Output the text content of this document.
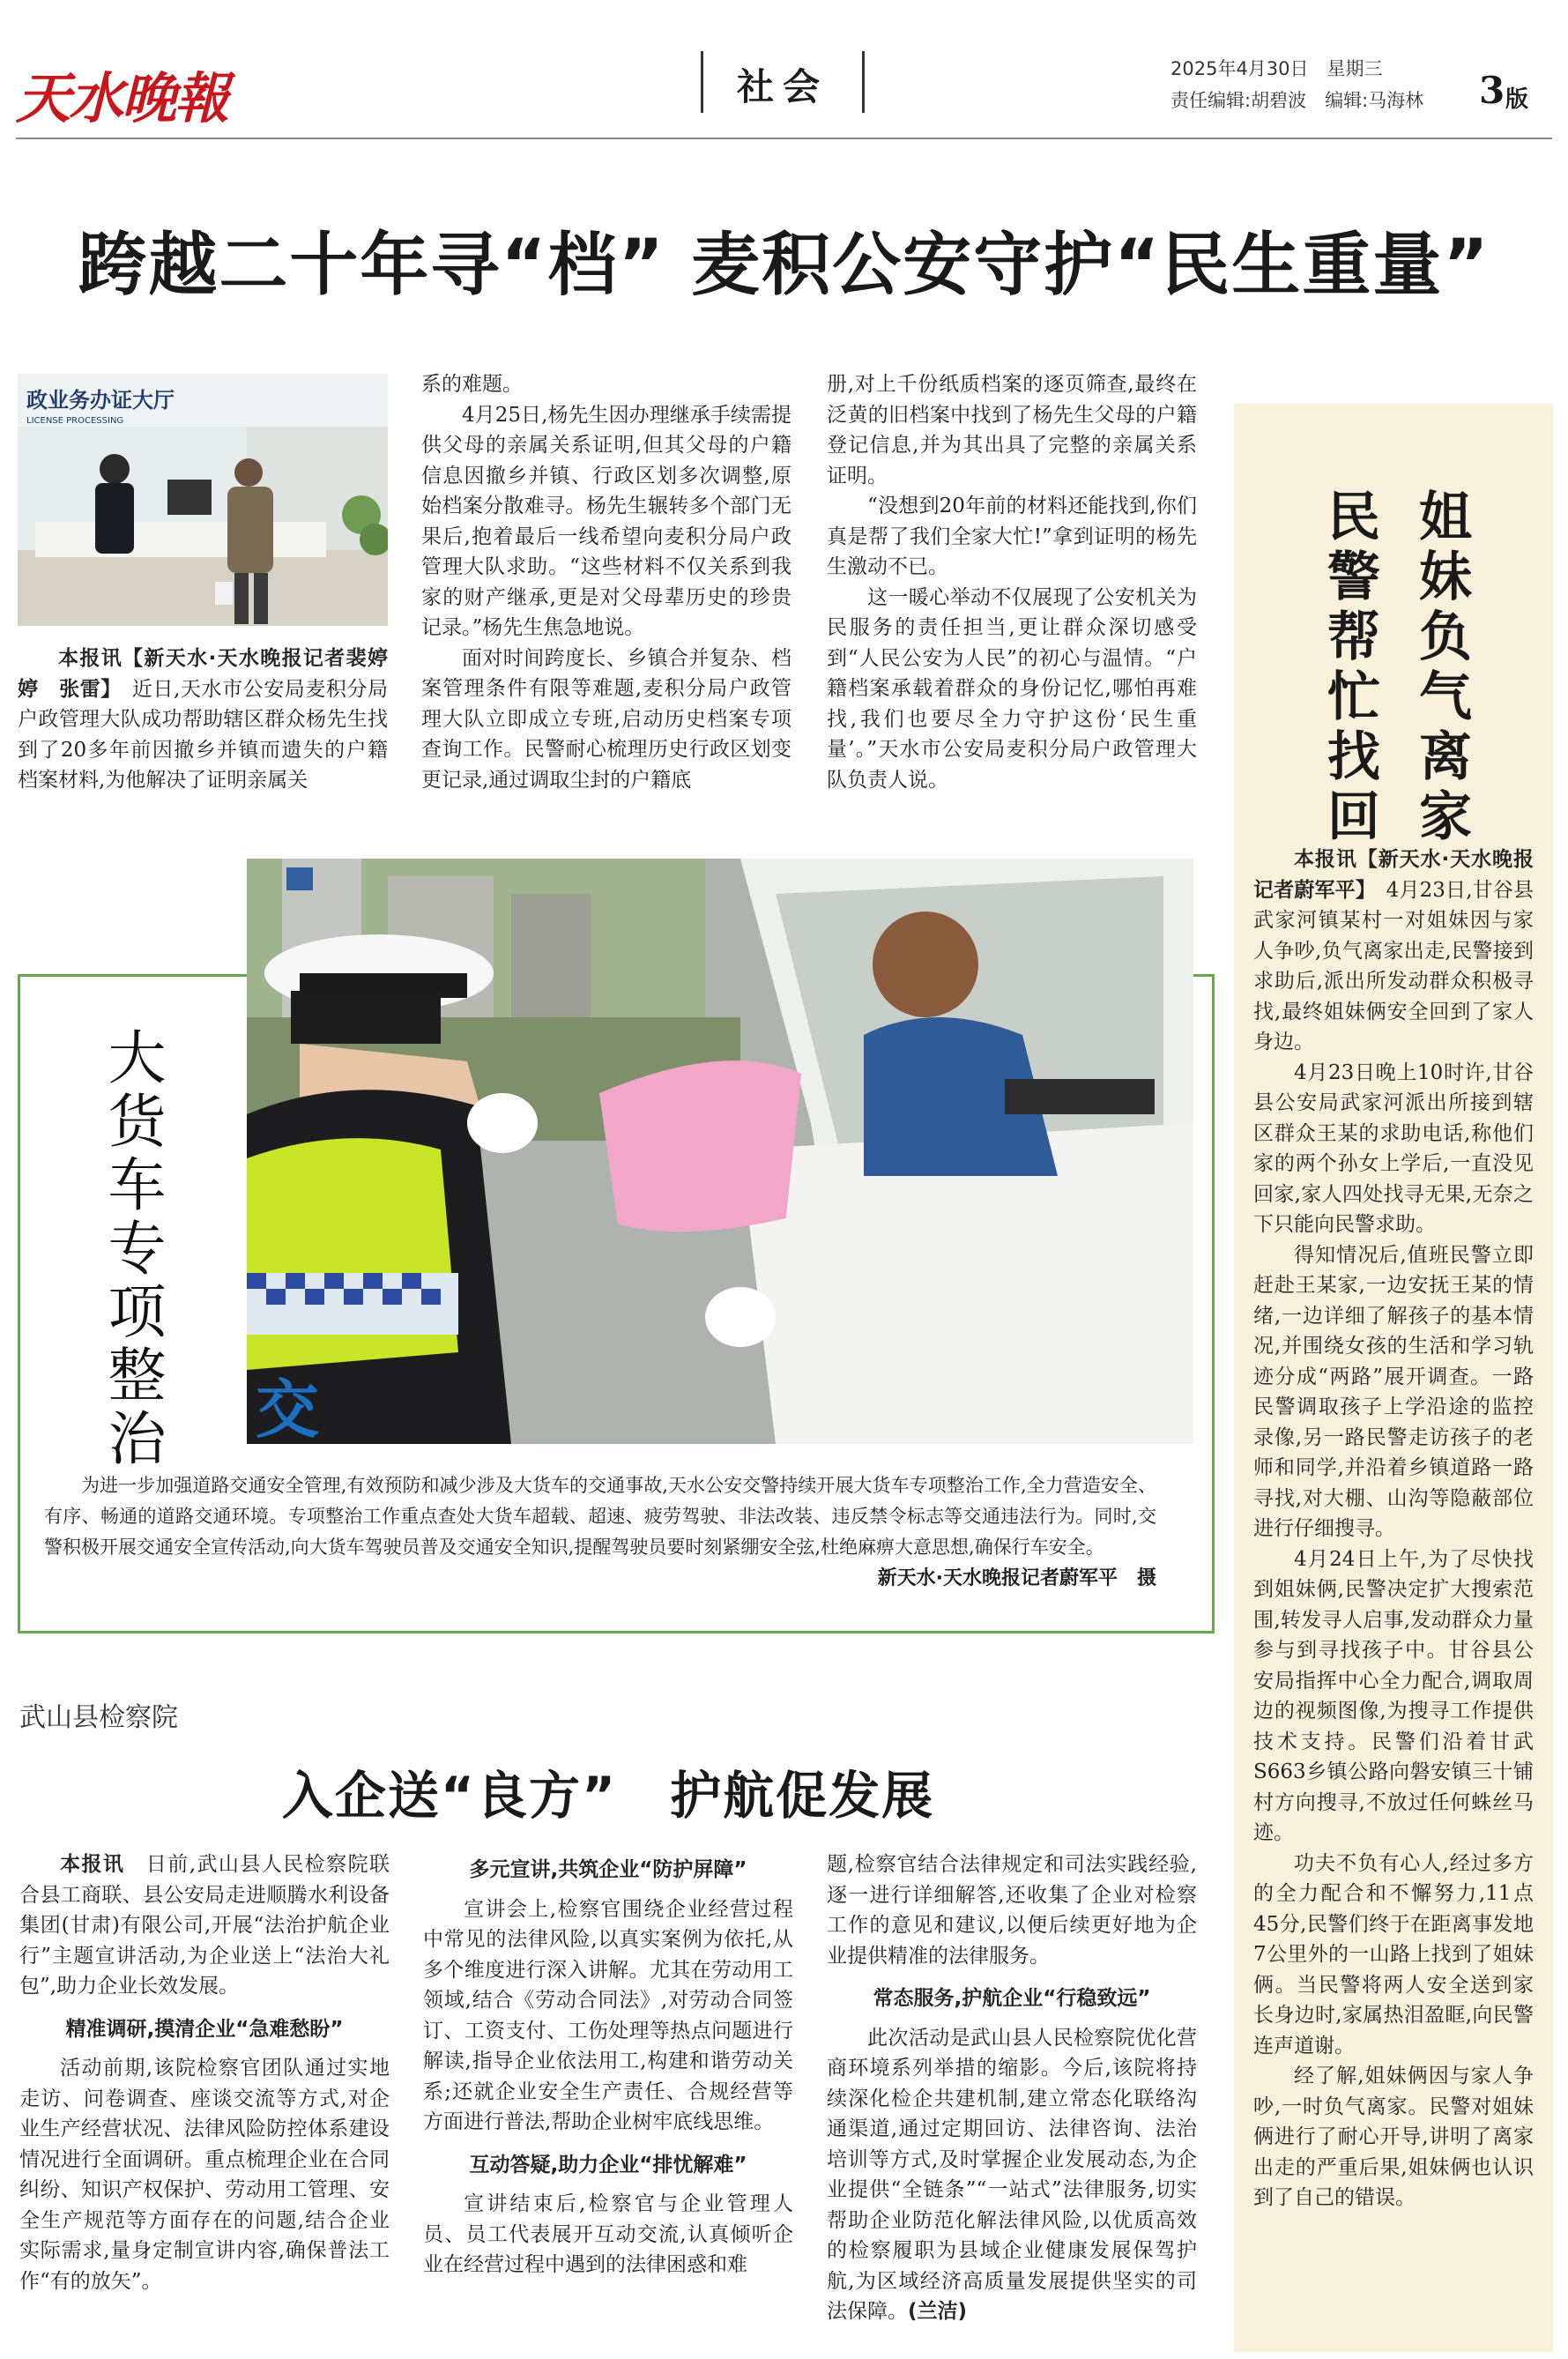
天水晚報	社会	2025年4月30日　星期三
责任编辑:胡碧波　编辑:马海林 3 版
跨越二十年寻“档” 麦积公安守护“民生重量”
政业务办证大厅
LICENSE PROCESSING

本报讯【新天水·天水晚报记者裴婷婷　张雷】　 近日,天水市公安局麦积分局户政管理大队成功帮助辖区群众杨先生找到了20多年前因撤乡并镇而遗失的户籍档案材料,为他解决了证明亲属关

系的难题。

4月25日,杨先生因办理继承手续需提供父母的亲属关系证明,但其父母的户籍信息因撤乡并镇、行政区划多次调整,原始档案分散难寻。杨先生辗转多个部门无果后,抱着最后一线希望向麦积分局户政管理大队求助。“这些材料不仅关系到我家的财产继承,更是对父母辈历史的珍贵记录。”杨先生焦急地说。

面对时间跨度长、乡镇合并复杂、档案管理条件有限等难题,麦积分局户政管理大队立即成立专班,启动历史档案专项查询工作。民警耐心梳理历史行政区划变更记录,通过调取尘封的户籍底

册,对上千份纸质档案的逐页筛查,最终在泛黄的旧档案中找到了杨先生父母的户籍登记信息,并为其出具了完整的亲属关系证明。

“没想到20年前的材料还能找到,你们真是帮了我们全家大忙!”拿到证明的杨先生激动不已。

这一暖心举动不仅展现了公安机关为民服务的责任担当,更让群众深切感受到“人民公安为人民”的初心与温情。“户籍档案承载着群众的身份记忆,哪怕再难找,我们也要尽全力守护这份‘民生重量’。”天水市公安局麦积分局户政管理大队负责人说。	姐妹负气离家
民警帮忙找回

本报讯【新天水·天水晚报记者蔚军平】　 4月23日,甘谷县武家河镇某村一对姐妹因与家人争吵,负气离家出走,民警接到求助后,派出所发动群众积极寻找,最终姐妹俩安全回到了家人身边。

4月23日晚上10时许,甘谷县公安局武家河派出所接到辖区群众王某的求助电话,称他们家的两个孙女上学后,一直没见回家,家人四处找寻无果,无奈之下只能向民警求助。

得知情况后,值班民警立即赶赴王某家,一边安抚王某的情绪,一边详细了解孩子的基本情况,并围绕女孩的生活和学习轨迹分成“两路”展开调查。一路民警调取孩子上学沿途的监控录像,另一路民警走访孩子的老师和同学,并沿着乡镇道路一路寻找,对大棚、山沟等隐蔽部位进行仔细搜寻。

4月24日上午,为了尽快找到姐妹俩,民警决定扩大搜索范围,转发寻人启事,发动群众力量参与到寻找孩子中。甘谷县公安局指挥中心全力配合,调取周边的视频图像,为搜寻工作提供技术支持。民警们沿着甘武S663乡镇公路向磐安镇三十铺村方向搜寻,不放过任何蛛丝马迹。

功夫不负有心人,经过多方的全力配合和不懈努力,11点45分,民警们终于在距离事发地7公里外的一山路上找到了姐妹俩。当民警将两人安全送到家长身边时,家属热泪盈眶,向民警连声道谢。

经了解,姐妹俩因与家人争吵,一时负气离家。民警对姐妹俩进行了耐心开导,讲明了离家出走的严重后果,姐妹俩也认识到了自己的错误。

交
大货车专项整治

为进一步加强道路交通安全管理,有效预防和减少涉及大货车的交通事故,天水公安交警持续开展大货车专项整治工作,全力营造安全、有序、畅通的道路交通环境。专项整治工作重点查处大货车超载、超速、疲劳驾驶、非法改装、违反禁令标志等交通违法行为。同时,交警积极开展交通安全宣传活动,向大货车驾驶员普及交通安全知识,提醒驾驶员要时刻紧绷安全弦,杜绝麻痹大意思想,确保行车安全。

新天水·天水晚报记者蔚军平　摄
武山县检察院
入企送“良方”　护航促发展

本报讯　 日前,武山县人民检察院联合县工商联、县公安局走进顺腾水利设备集团(甘肃)有限公司,开展“法治护航企业行”主题宣讲活动,为企业送上“法治大礼包”,助力企业长效发展。

精准调研,摸清企业“急难愁盼”

活动前期,该院检察官团队通过实地走访、问卷调查、座谈交流等方式,对企业生产经营状况、法律风险防控体系建设情况进行全面调研。重点梳理企业在合同纠纷、知识产权保护、劳动用工管理、安全生产规范等方面存在的问题,结合企业实际需求,量身定制宣讲内容,确保普法工作“有的放矢”。

多元宣讲,共筑企业“防护屏障”

宣讲会上,检察官围绕企业经营过程中常见的法律风险,以真实案例为依托,从多个维度进行深入讲解。尤其在劳动用工领域,结合《劳动合同法》,对劳动合同签订、工资支付、工伤处理等热点问题进行解读,指导企业依法用工,构建和谐劳动关系;还就企业安全生产责任、合规经营等方面进行普法,帮助企业树牢底线思维。

互动答疑,助力企业“排忧解难”

宣讲结束后,检察官与企业管理人员、员工代表展开互动交流,认真倾听企业在经营过程中遇到的法律困惑和难

题,检察官结合法律规定和司法实践经验,逐一进行详细解答,还收集了企业对检察工作的意见和建议,以便后续更好地为企业提供精准的法律服务。

常态服务,护航企业“行稳致远”

此次活动是武山县人民检察院优化营商环境系列举措的缩影。今后,该院将持续深化检企共建机制,建立常态化联络沟通渠道,通过定期回访、法律咨询、法治培训等方式,及时掌握企业发展动态,为企业提供“全链条”“一站式”法律服务,切实帮助企业防范化解法律风险,以优质高效的检察履职为县域企业健康发展保驾护航,为区域经济高质量发展提供坚实的司法保障。(兰洁)
